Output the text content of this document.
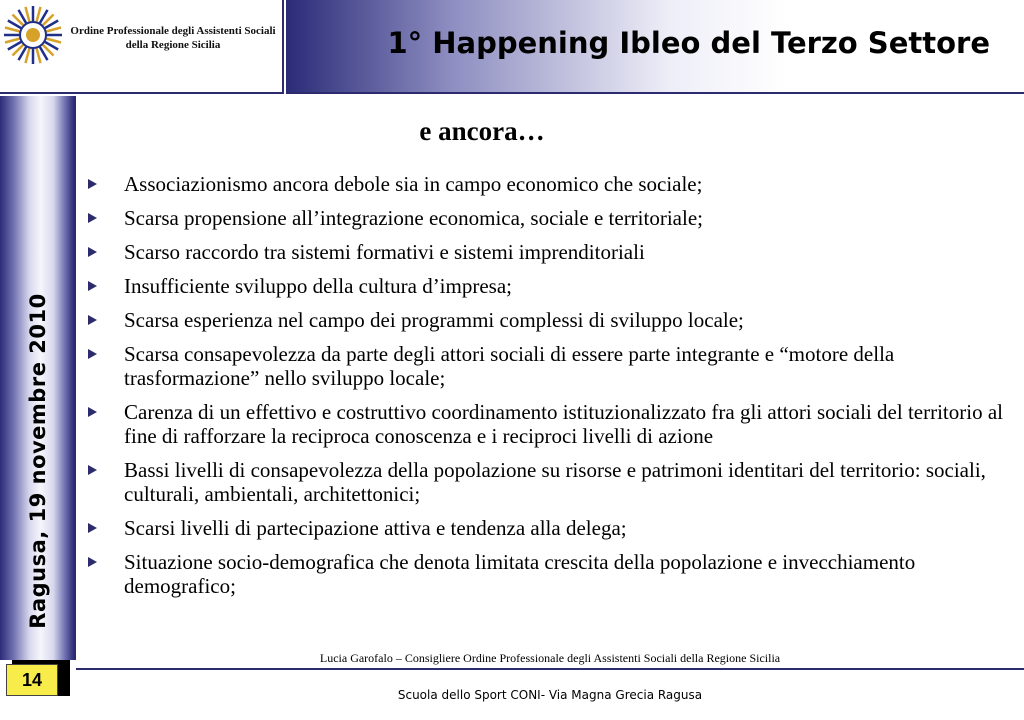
Ordine Professionale degli Assistenti Sociali della Regione Sicilia	1° Happening Ibleo del Terzo Settore
Ragusa, 19 novembre 2010
e ancora…
Associazionismo ancora debole sia in campo economico che sociale;
Scarsa propensione all’integrazione economica, sociale e territoriale;
Scarso raccordo tra sistemi formativi e sistemi imprenditoriali
Insufficiente sviluppo della cultura d’impresa;
Scarsa esperienza nel campo dei programmi complessi di sviluppo locale;
Scarsa consapevolezza da parte degli attori sociali di essere parte integrante e “motore della trasformazione” nello sviluppo locale;
Carenza di un effettivo e costruttivo coordinamento istituzionalizzato fra gli attori sociali del territorio al fine di rafforzare la reciproca conoscenza e i reciproci livelli di azione
Bassi livelli di consapevolezza della popolazione su risorse e patrimoni identitari del territorio: sociali, culturali, ambientali, architettonici;
Scarsi livelli di partecipazione attiva e tendenza alla delega;
Situazione socio-demografica che denota limitata crescita della popolazione e invecchiamento demografico;
Lucia Garofalo – Consigliere Ordine Professionale degli Assistenti Sociali della Regione Sicilia
14
Scuola dello Sport CONI- Via Magna Grecia Ragusa
